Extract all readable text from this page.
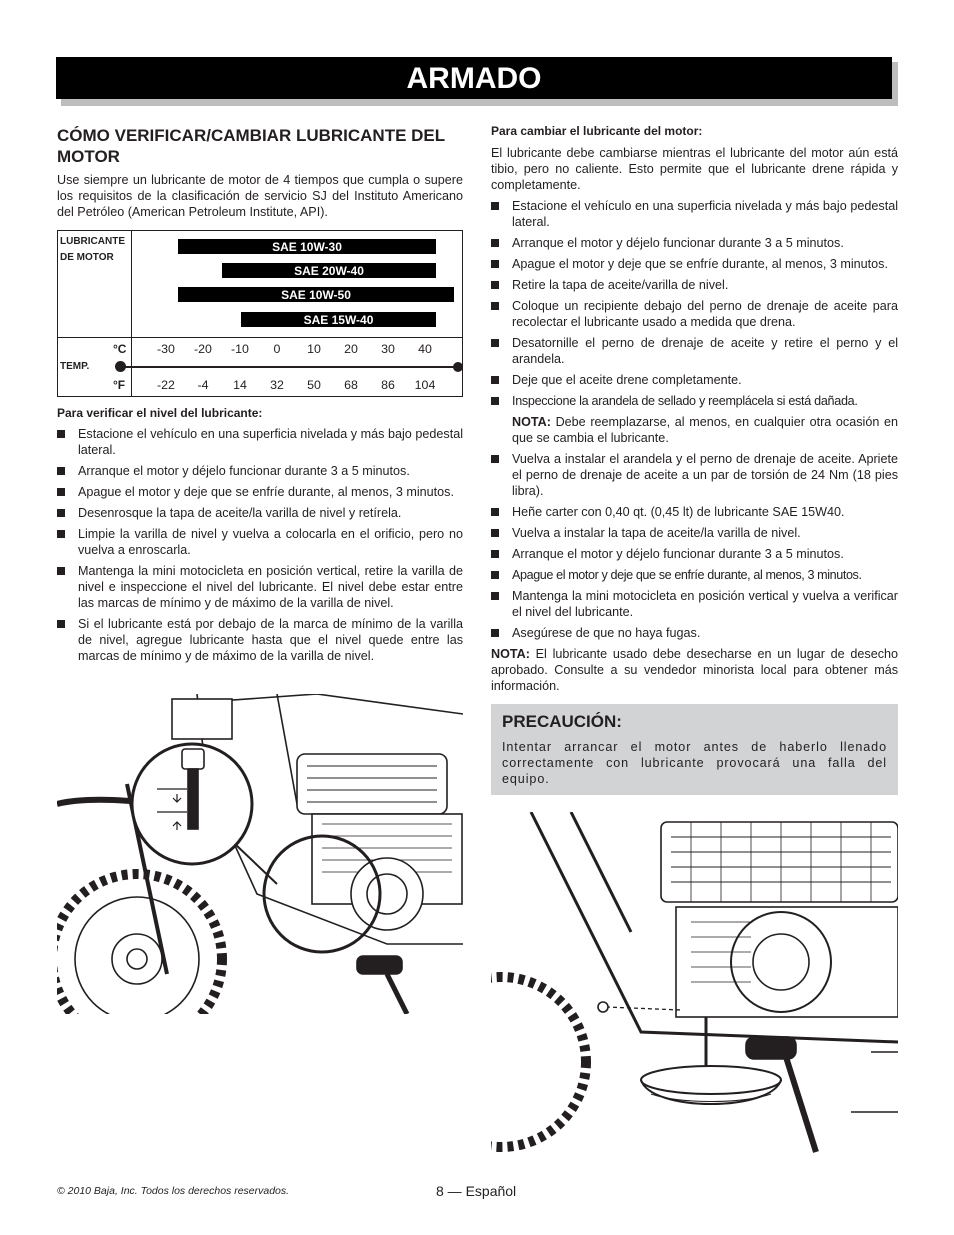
ARMADO
CÓMO VERIFICAR/CAMBIAR LUBRICANTE DEL MOTOR

Use siempre un lubricante de motor de 4 tiempos que cumpla o supere los requisitos de la clasificación de servicio SJ del Instituto Americano del Petróleo (American Petroleum Institute, API).

LUBRICANTE
DE MOTOR
TEMP.
SAE 10W-30
SAE 20W-40
SAE 10W-50
SAE 15W-40
°C
°F
-30	-20	-10	0	10	20	30	40
-22	-4	14	32	50	68	86	104
Para verificar el nivel del lubricante:
Estacione el vehículo en una superficia nivelada y más bajo pedestal lateral.
Arranque el motor y déjelo funcionar durante 3 a 5 minutos.
Apague el motor y deje que se enfríe durante, al menos, 3 minutos.
Desenrosque la tapa de aceite/la varilla de nivel y retírela.
Limpie la varilla de nivel y vuelva a colocarla en el orificio, pero no vuelva a enroscarla.
Mantenga la mini motocicleta en posición vertical, retire la varilla de nivel e inspeccione el nivel del lubricante. El nivel debe estar entre las marcas de mínimo y de máximo de la varilla de nivel.
Si el lubricante está por debajo de la marca de mínimo de la varilla de nivel, agregue lubricante hasta que el nivel quede entre las marcas de mínimo y de máximo de la varilla de nivel.
Para cambiar el lubricante del motor:

El lubricante debe cambiarse mientras el lubricante del motor aún está tibio, pero no caliente. Esto permite que el lubricante drene rápida y completamente.

Estacione el vehículo en una superficia nivelada y más bajo pedestal lateral.
Arranque el motor y déjelo funcionar durante 3 a 5 minutos.
Apague el motor y deje que se enfríe durante, al menos, 3 minutos.
Retire la tapa de aceite/varilla de nivel.
Coloque un recipiente debajo del perno de drenaje de aceite para recolectar el lubricante usado a medida que drena.
Desatornille el perno de drenaje de aceite y retire el perno y el arandela.
Deje que el aceite drene completamente.
Inspeccione la arandela de sellado y reemplácela si está dañada.
NOTA: Debe reemplazarse, al menos, en cualquier otra ocasión en que se cambia el lubricante.
Vuelva a instalar el arandela y el perno de drenaje de aceite. Apriete el perno de drenaje de aceite a un par de torsión de 24 Nm (18 pies libra).
Heñe carter con 0,40 qt. (0,45 lt) de lubricante SAE 15W40.
Vuelva a instalar la tapa de aceite/la varilla de nivel.
Arranque el motor y déjelo funcionar durante 3 a 5 minutos.
Apague el motor y deje que se enfríe durante, al menos, 3 minutos.
Mantenga la mini motocicleta en posición vertical y vuelva a verificar el nivel del lubricante.
Asegúrese de que no haya fugas.

NOTA: El lubricante usado debe desecharse en un lugar de desecho aprobado. Consulte a su vendedor minorista local para obtener más información.

PRECAUCIÓN:

Intentar arrancar el motor antes de haberlo llenado correctamente con lubricante provocará una falla del equipo.

© 2010 Baja, Inc. Todos los derechos reservados.	8 — Español
